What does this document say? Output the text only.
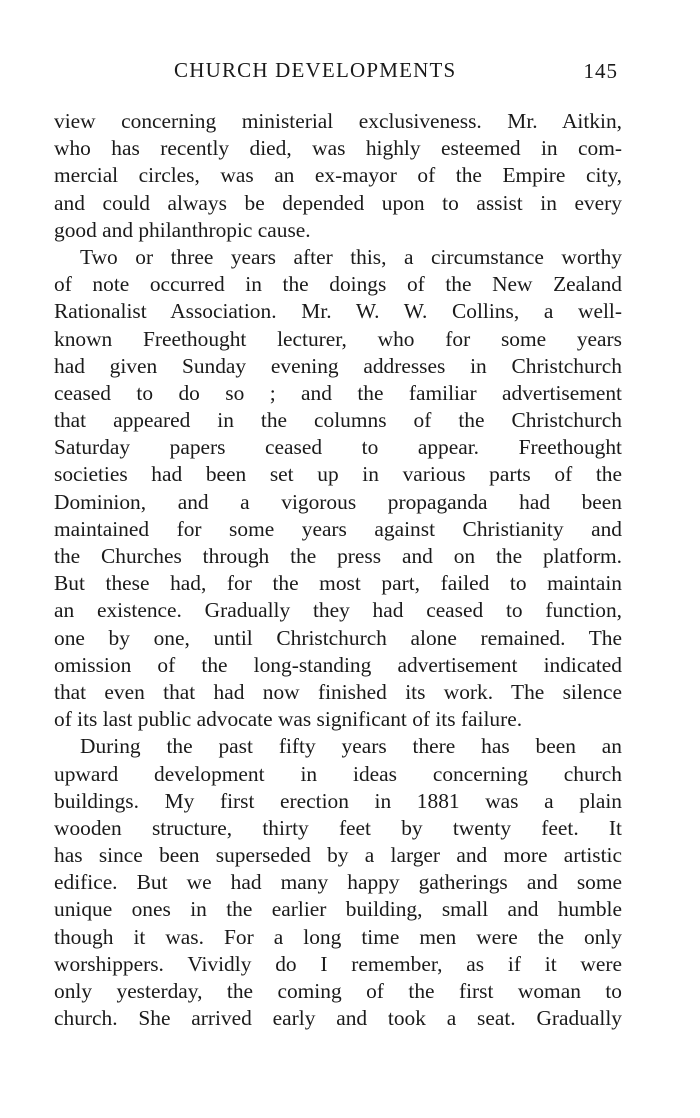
CHURCH DEVELOPMENTS	145
view concerning ministerial exclusiveness. Mr. Aitkin,
who has recently died, was highly esteemed in com-
mercial circles, was an ex-mayor of the Empire city,
and could always be depended upon to assist in every
good and philanthropic cause.
Two or three years after this, a circumstance worthy
of note occurred in the doings of the New Zealand
Rationalist Association. Mr. W. W. Collins, a well-
known Freethought lecturer, who for some years
had given Sunday evening addresses in Christchurch
ceased to do so ; and the familiar advertisement
that appeared in the columns of the Christchurch
Saturday papers ceased to appear. Freethought
societies had been set up in various parts of the
Dominion, and a vigorous propaganda had been
maintained for some years against Christianity and
the Churches through the press and on the platform.
But these had, for the most part, failed to maintain
an existence. Gradually they had ceased to function,
one by one, until Christchurch alone remained. The
omission of the long-standing advertisement indicated
that even that had now finished its work. The silence
of its last public advocate was significant of its failure.
During the past fifty years there has been an
upward development in ideas concerning church
buildings. My first erection in 1881 was a plain
wooden structure, thirty feet by twenty feet. It
has since been superseded by a larger and more artistic
edifice. But we had many happy gatherings and some
unique ones in the earlier building, small and humble
though it was. For a long time men were the only
worshippers. Vividly do I remember, as if it were
only yesterday, the coming of the first woman to
church. She arrived early and took a seat. Gradually
